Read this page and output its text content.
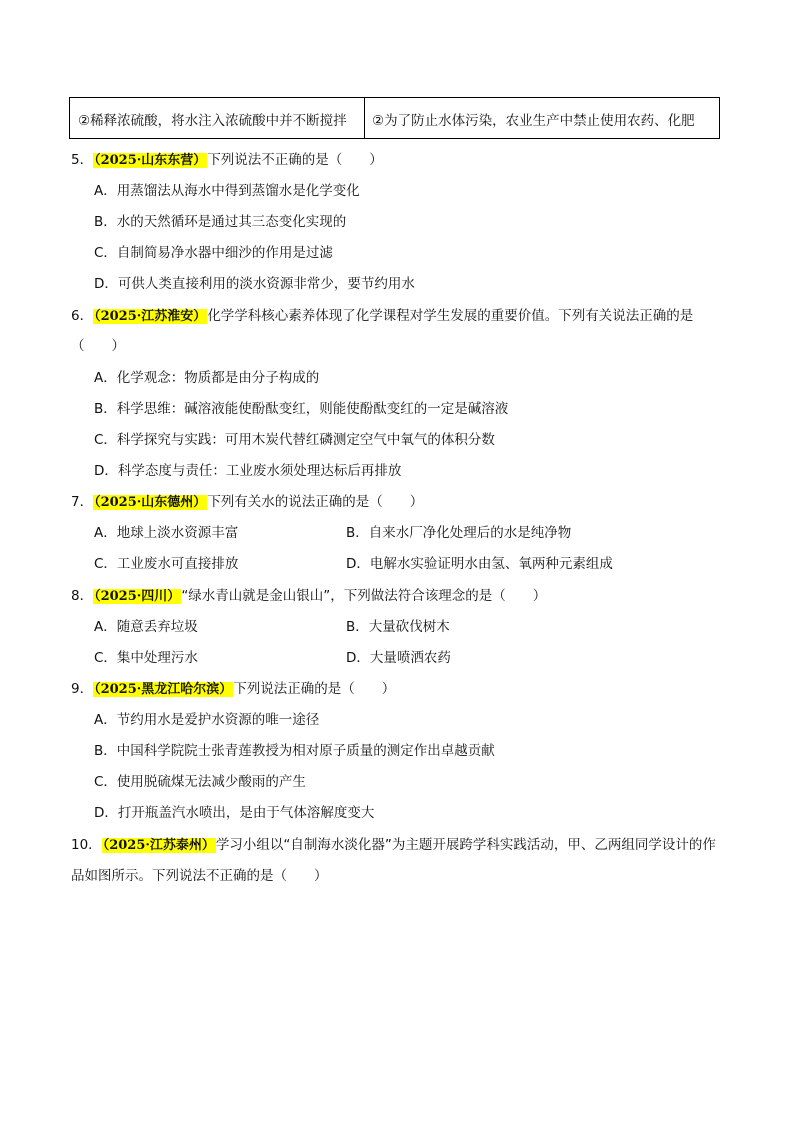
②稀释浓硫酸，将水注入浓硫酸中并不断搅拌 ②为了防止水体污染，农业生产中禁止使用农药、化肥
5．（2025·山东东营）下列说法不正确的是（　　）
A．用蒸馏法从海水中得到蒸馏水是化学变化
B．水的天然循环是通过其三态变化实现的
C．自制简易净水器中细沙的作用是过滤
D．可供人类直接利用的淡水资源非常少，要节约用水
6．（2025·江苏淮安）化学学科核心素养体现了化学课程对学生发展的重要价值。下列有关说法正确的是
（　　）
A．化学观念：物质都是由分子构成的
B．科学思维：碱溶液能使酚酞变红，则能使酚酞变红的一定是碱溶液
C．科学探究与实践：可用木炭代替红磷测定空气中氧气的体积分数
D．科学态度与责任：工业废水须处理达标后再排放
7．（2025·山东德州）下列有关水的说法正确的是（　　）
A．地球上淡水资源丰富	B．自来水厂净化处理后的水是纯净物
C．工业废水可直接排放	D．电解水实验证明水由氢、氧两种元素组成
8．（2025·四川）“绿水青山就是金山银山”，下列做法符合该理念的是（　　）
A．随意丢弃垃圾	B．大量砍伐树木
C．集中处理污水	D．大量喷洒农药
9．（2025·黑龙江哈尔滨）下列说法正确的是（　　）
A．节约用水是爱护水资源的唯一途径
B．中国科学院院士张青莲教授为相对原子质量的测定作出卓越贡献
C．使用脱硫煤无法减少酸雨的产生
D．打开瓶盖汽水喷出，是由于气体溶解度变大
10．（2025·江苏泰州）学习小组以“自制海水淡化器”为主题开展跨学科实践活动，甲、乙两组同学设计的作
品如图所示。下列说法不正确的是（　　）
